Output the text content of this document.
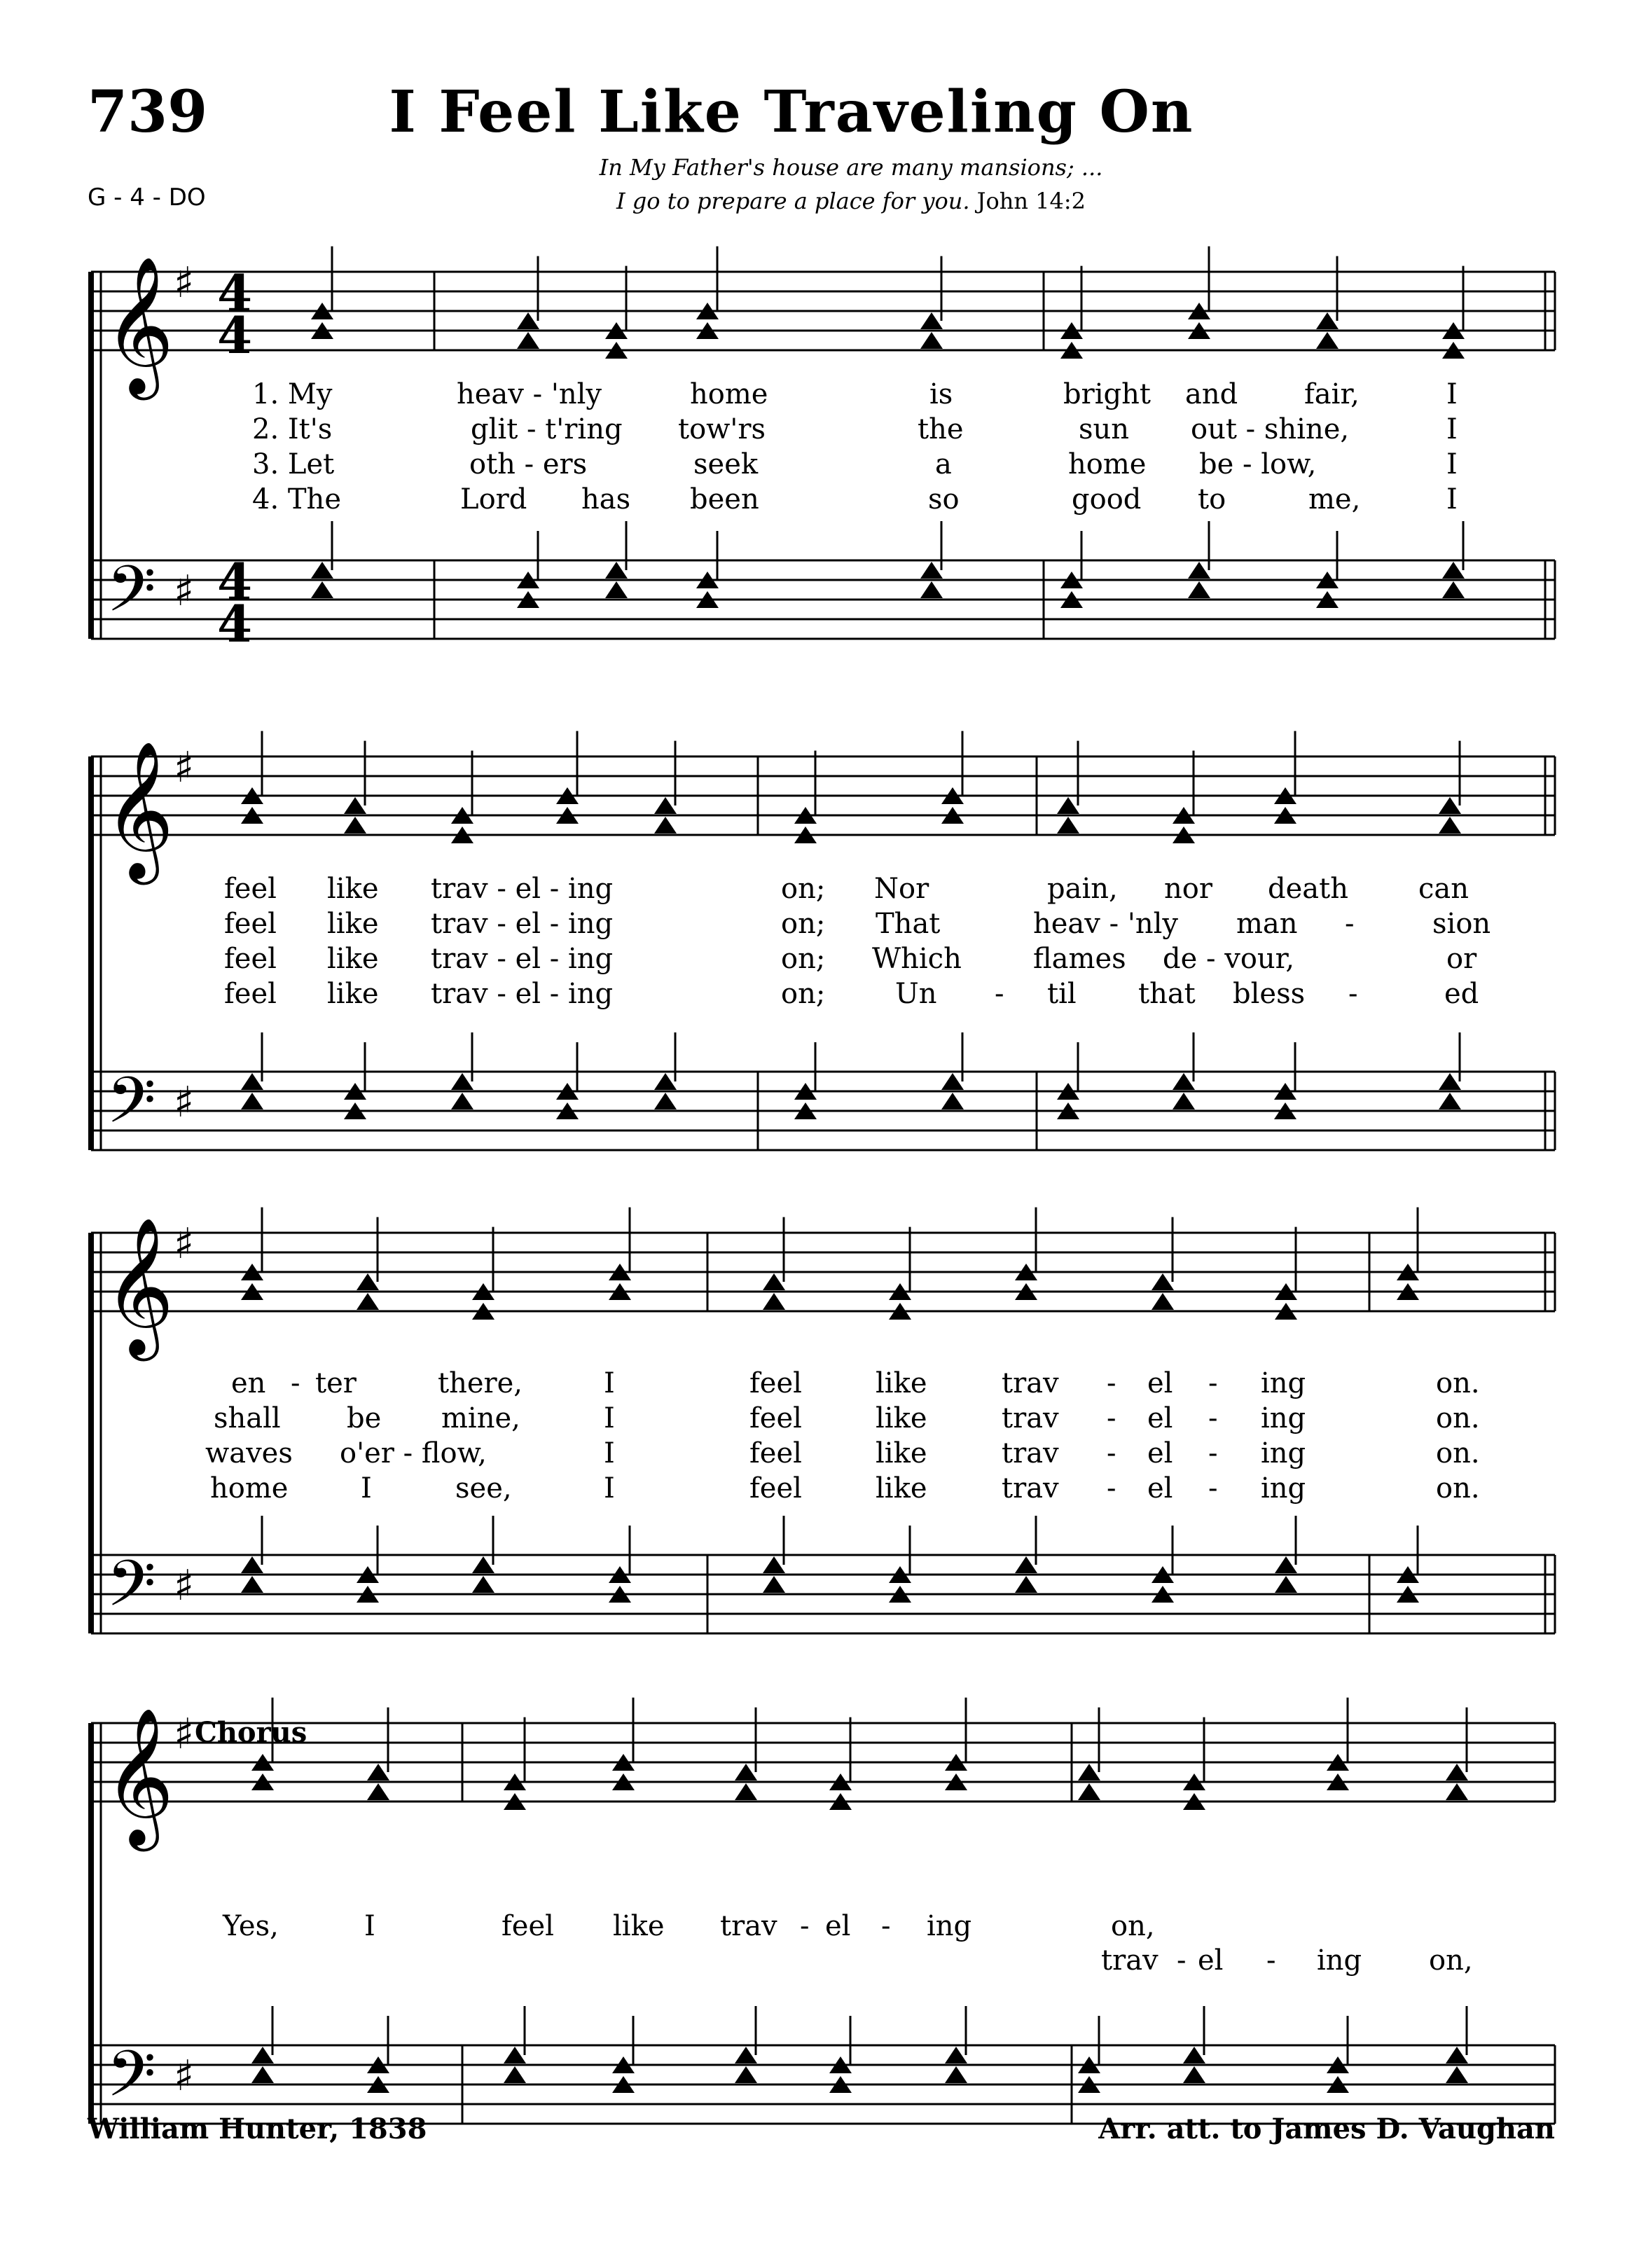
739	I Feel Like Traveling On
In My Father's house are many mansions; ...
I go to prepare a place for you. John 14:2
G - 4 - DO
𝄞
𝄢
♯
♯
4
4
4
4
𝄞
𝄢
♯
♯
𝄞
𝄢
♯
♯
𝄞
𝄢
♯
♯
1. My	heav - 'nly	home	is	bright and fair,	I
2. It's	glit - t'ring tow'rs	the	sun out - shine,	I
3. Let	oth - ers	seek	a	home be - low,	I
4. The	Lord has been	so	good to	me,	I
feel like trav - el - ing	on; Nor	pain, nor death	can
feel like trav - el - ing	on; That	heav - 'nly man -	sion
feel like trav - el - ing	on; Which	flames de - vour,	or
feel like trav - el - ing	on; Un - til that bless -	ed
en - ter	there,	I	feel	like	trav - el - ing	on.
shall be mine,	I	feel	like	trav - el - ing	on.
waves o'er - flow,	I	feel	like	trav - el - ing	on.
home	I	see,	I	feel	like	trav - el - ing	on.
Chorus
Yes,	I	feel like trav - el - ing	on,
trav - el - ing on,
William Hunter, 1838	Arr. att. to James D. Vaughan
